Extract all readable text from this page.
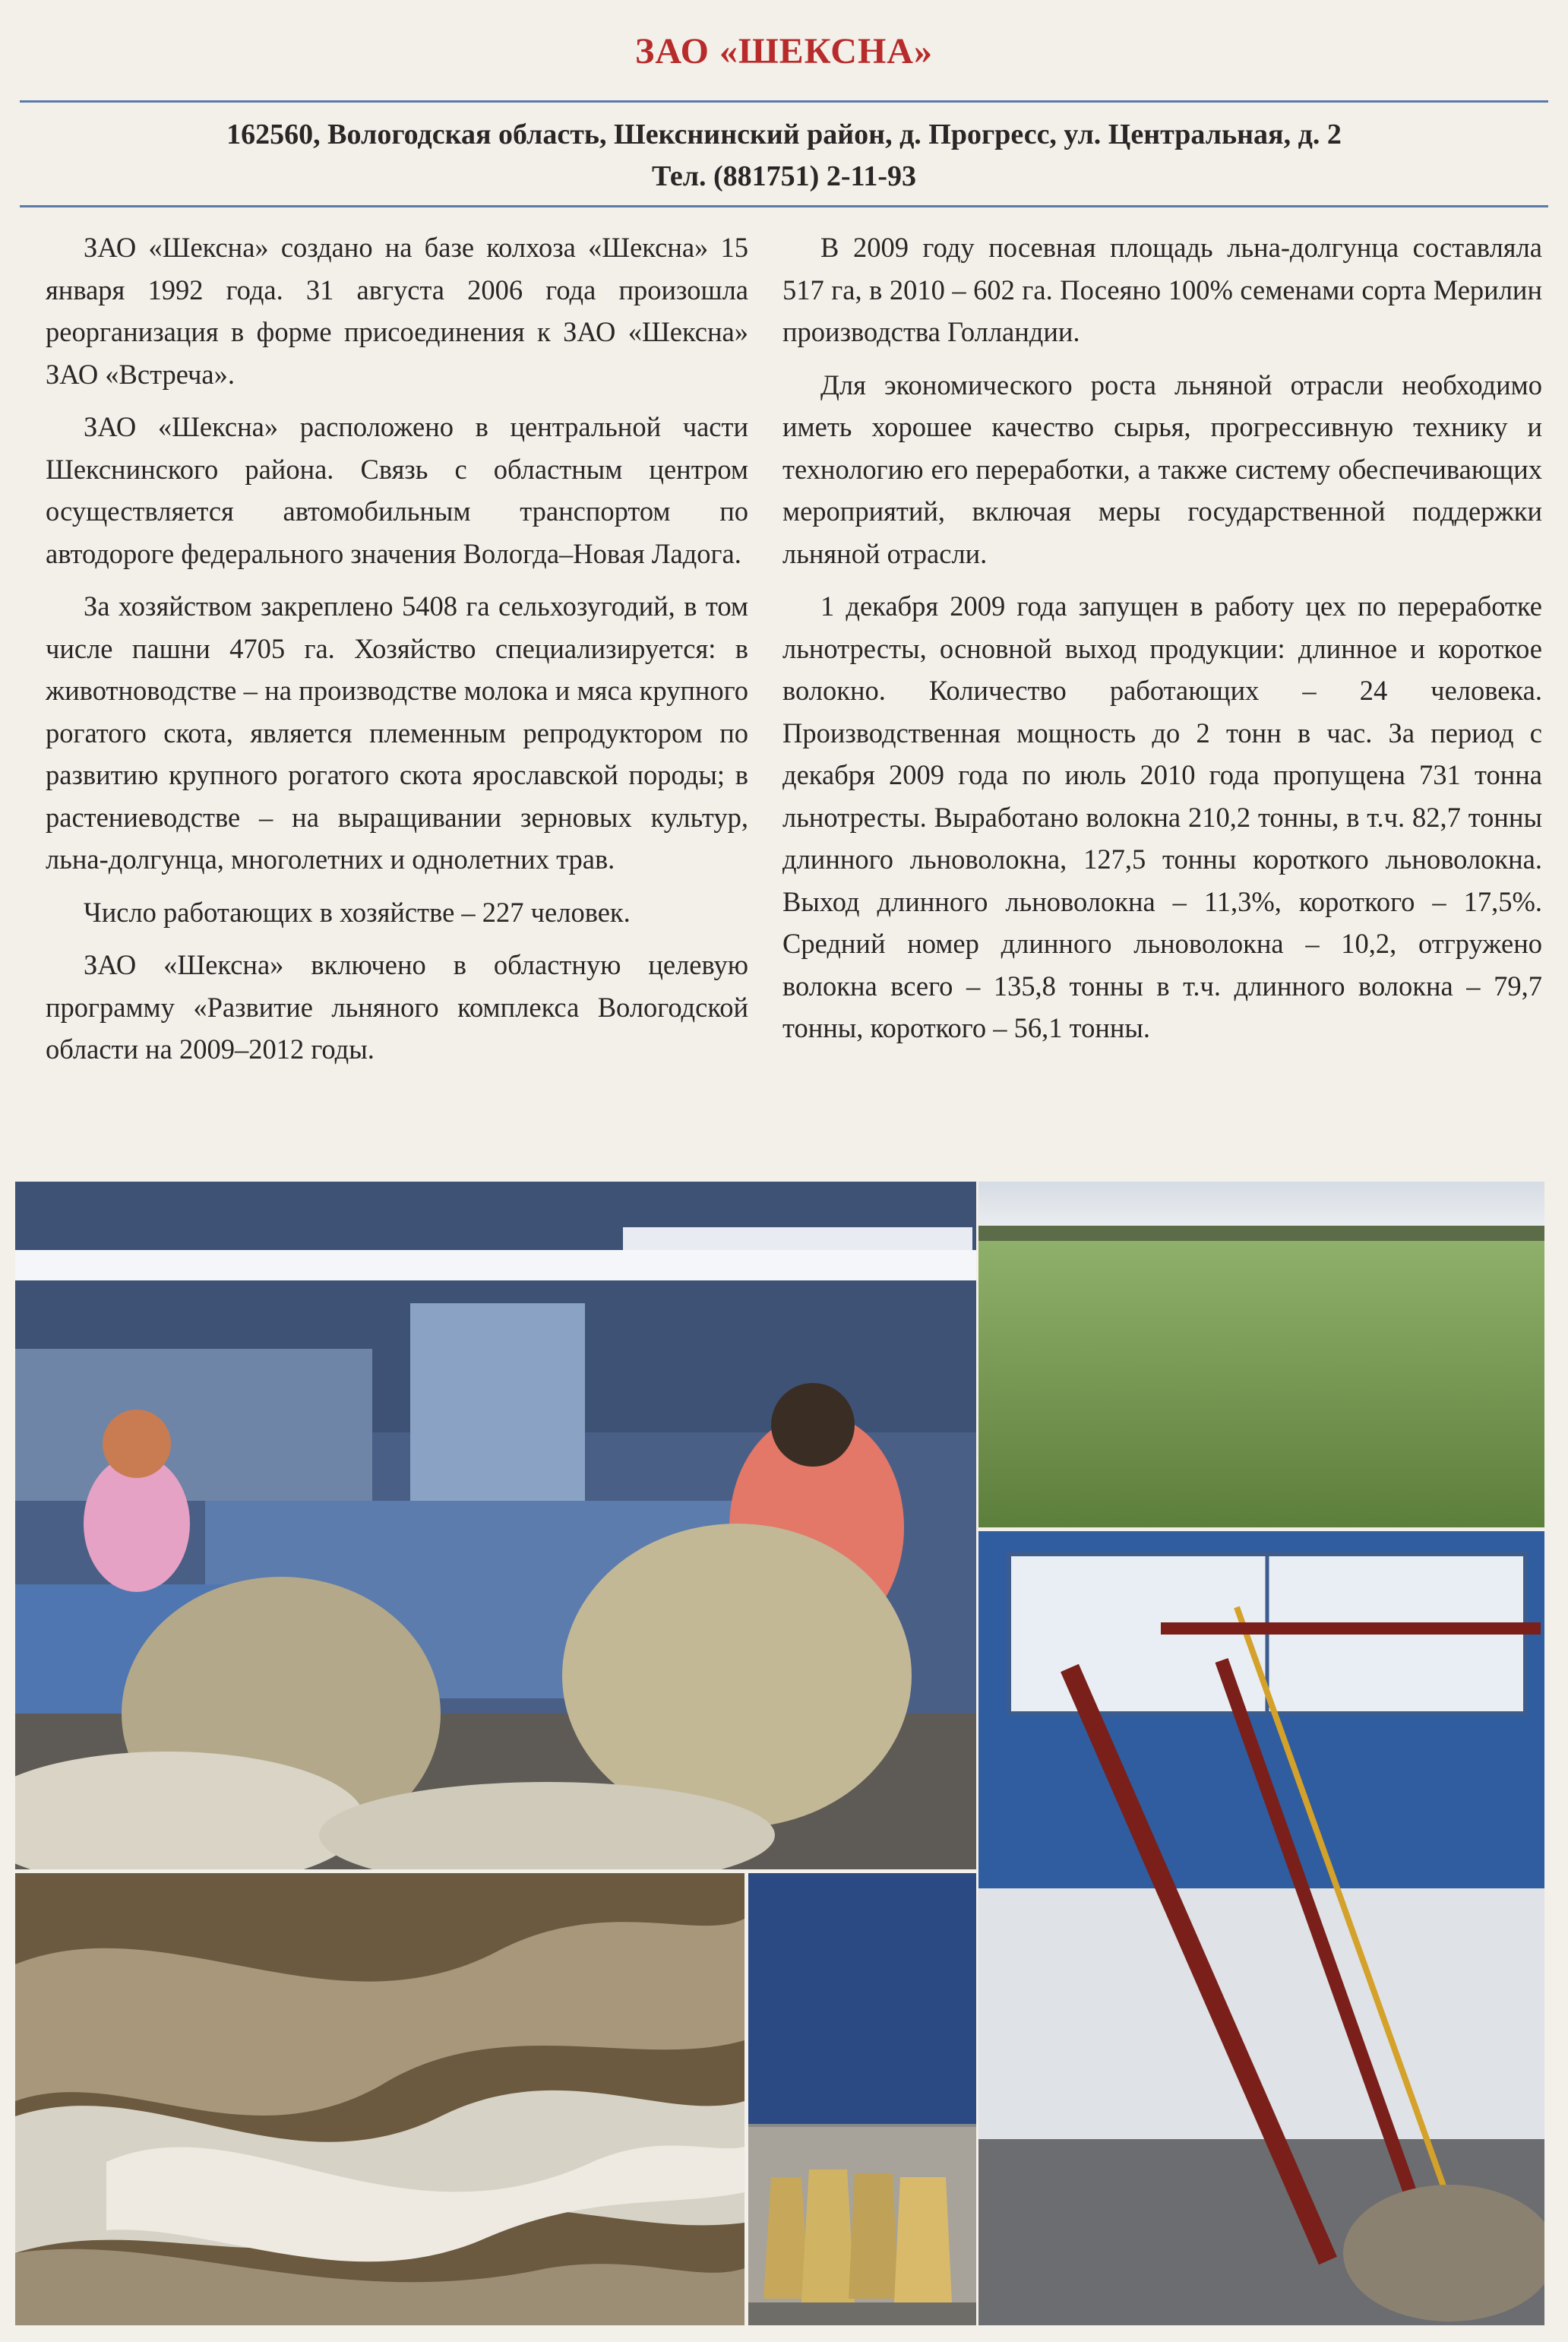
ЗАО «ШЕКСНА»
162560, Вологодская область, Шекснинский район, д. Прогресс, ул. Центральная, д. 2
Тел. (881751) 2-11-93

ЗАО «Шексна» создано на базе колхоза «Шексна» 15 января 1992 года. 31 августа 2006 года произошла реорганизация в форме присоединения к ЗАО «Шексна» ЗАО «Встреча».

ЗАО «Шексна» расположено в центральной части Шекснинского района. Связь с областным центром осуществляется автомобильным транспортом по автодороге федерального значения Вологда–Новая Ладога.

За хозяйством закреплено 5408 га сельхозугодий, в том числе пашни 4705 га. Хозяйство специализируется: в животноводстве – на производстве молока и мяса крупного рогатого скота, является племенным репродуктором по развитию крупного рогатого скота ярославской породы; в растениеводстве – на выращивании зерновых культур, льна-долгунца, многолетних и однолетних трав.

Число работающих в хозяйстве – 227 человек.

ЗАО «Шексна» включено в областную целевую программу «Развитие льняного комплекса Вологодской области на 2009–2012 годы.

В 2009 году посевная площадь льна-долгунца составляла 517 га, в 2010 – 602 га. Посеяно 100% семенами сорта Мерилин производства Голландии.

Для экономического роста льняной отрасли необходимо иметь хорошее качество сырья, прогрессивную технику и технологию его переработки, а также систему обеспечивающих мероприятий, включая меры государственной поддержки льняной отрасли.

1 декабря 2009 года запущен в работу цех по переработке льнотресты, основной выход продукции: длинное и короткое волокно. Количество работающих – 24 человека. Производственная мощность до 2 тонн в час. За период с декабря 2009 года по июль 2010 года пропущена 731 тонна льнотресты. Выработано волокна 210,2 тонны, в т.ч. 82,7 тонны длинного льноволокна, 127,5 тонны короткого льноволокна. Выход длинного льноволокна – 11,3%, короткого – 17,5%. Средний номер длинного льноволокна – 10,2, отгружено волокна всего – 135,8 тонны в т.ч. длинного волокна – 79,7 тонны, короткого – 56,1 тонны.
